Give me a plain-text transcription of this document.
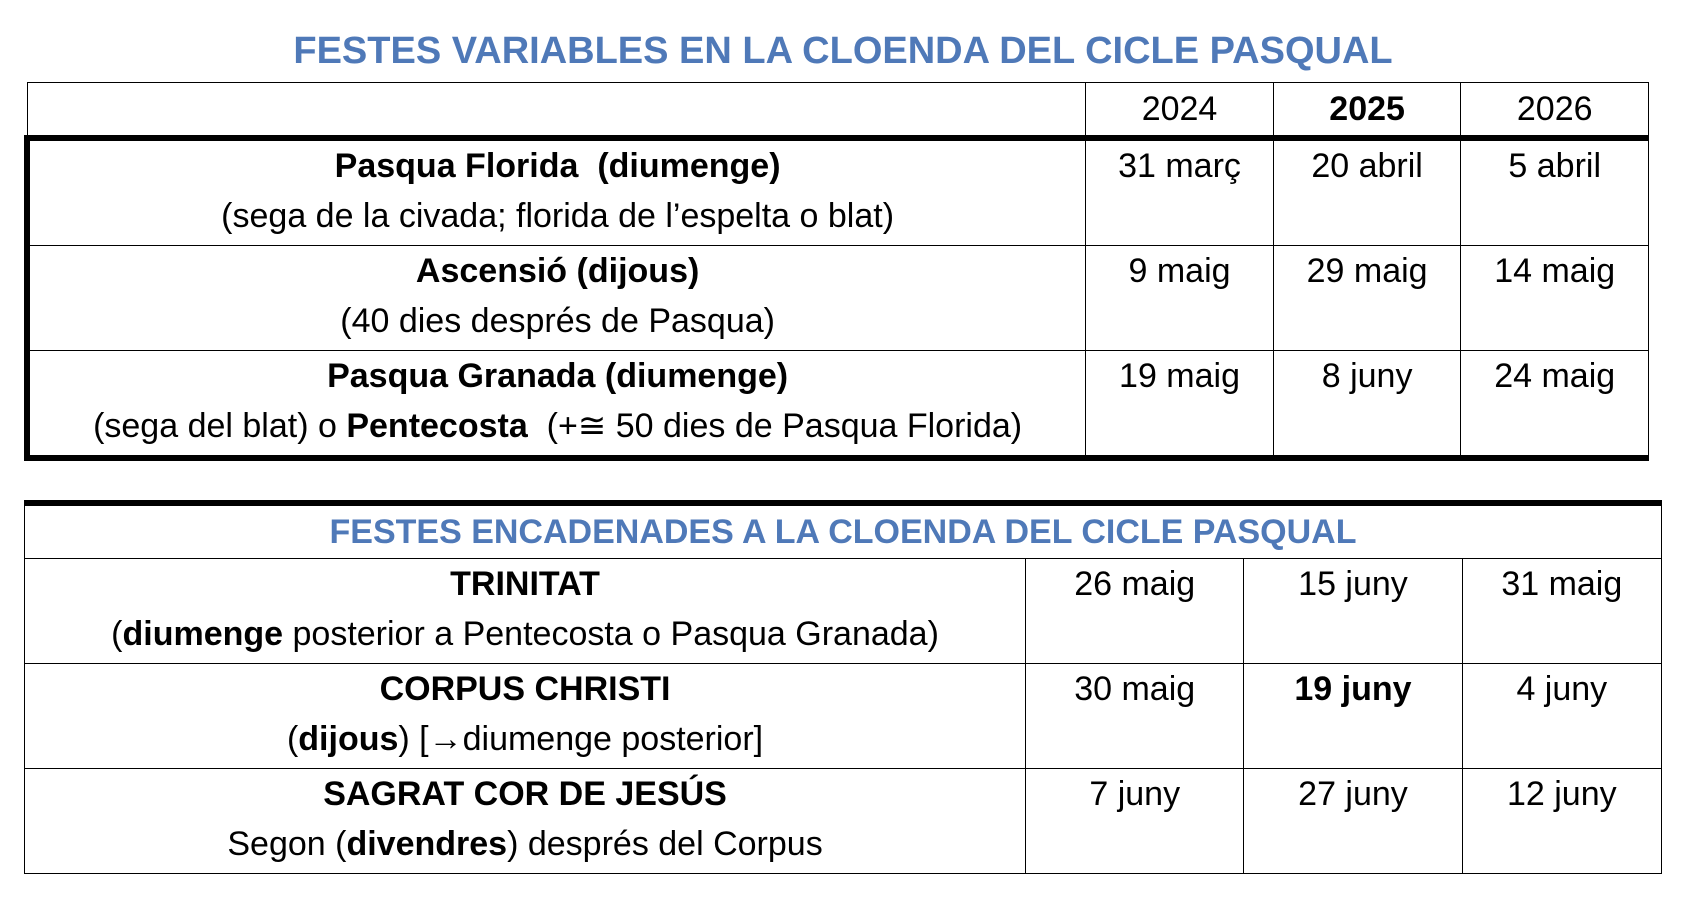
FESTES VARIABLES EN LA CLOENDA DEL CICLE PASQUAL
	2024	2025	2026

Pasqua Florida (diumenge)
(sega de la civada; florida de l’espelta o blat)	31 març	20 abril	5 abril

Ascensió (dijous)
(40 dies després de Pasqua)	9 maig	29 maig	14 maig

Pasqua Granada (diumenge)
(sega del blat) o Pentecosta  (+≅ 50 dies de Pasqua Florida)	19 maig	8 juny	24 maig
FESTES ENCADENADES A LA CLOENDA DEL CICLE PASQUAL			

TRINITAT
(diumenge posterior a Pentecosta o Pasqua Granada)	26 maig	15 juny	31 maig

CORPUS CHRISTI
(dijous) [→diumenge posterior]	30 maig	19 juny	4 juny

SAGRAT COR DE JESÚS
Segon (divendres) després del Corpus	7 juny	27 juny	12 juny
